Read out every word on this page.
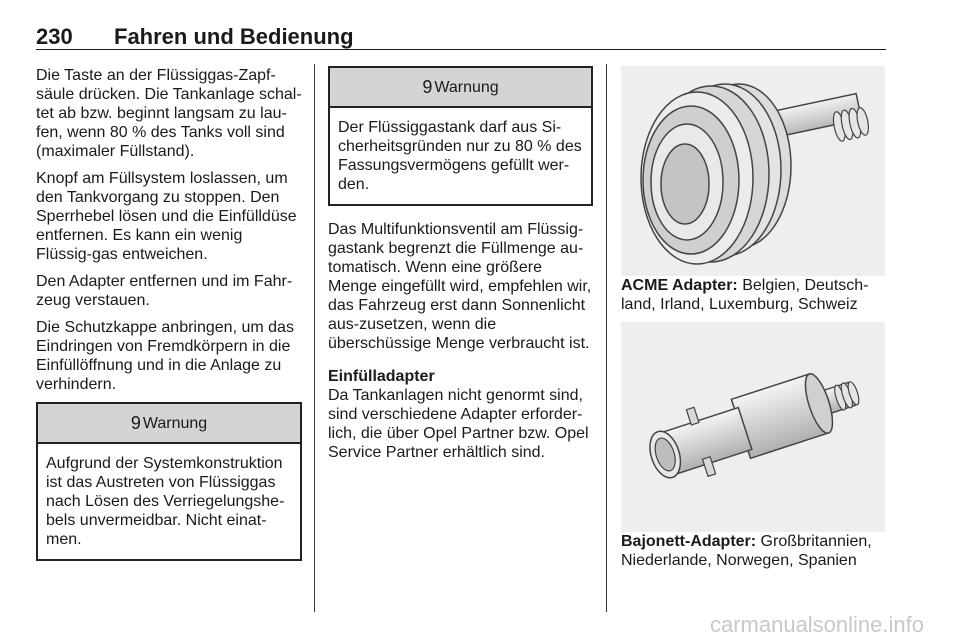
230 Fahren und Bedienung

Die Taste an der Flüssiggas-Zapf-säule drücken. Die Tankanlage schal-tet ab bzw. beginnt langsam zu lau-fen, wenn 80 % des Tanks voll sind (maximaler Füllstand).

Knopf am Füllsystem loslassen, um den Tankvorgang zu stoppen. Den Sperrhebel lösen und die Einfülldüse entfernen. Es kann ein wenig Flüssig-gas entweichen.

Den Adapter entfernen und im Fahr-zeug verstauen.

Die Schutzkappe anbringen, um das Eindringen von Fremdkörpern in die Einfüllöffnung und in die Anlage zu verhindern.

9 Warnung
Aufgrund der Systemkonstruktion ist das Austreten von Flüssiggas nach Lösen des Verriegelungshe-bels unvermeidbar. Nicht einat-men.
9 Warnung
Der Flüssiggastank darf aus Si-cherheitsgründen nur zu 80 % des Fassungsvermögens gefüllt wer-den.

Das Multifunktionsventil am Flüssig-gastank begrenzt die Füllmenge au-tomatisch. Wenn eine größere Menge eingefüllt wird, empfehlen wir, das Fahrzeug erst dann Sonnenlicht aus-zusetzen, wenn die überschüssige Menge verbraucht ist.

Einfülladapter

Da Tankanlagen nicht genormt sind, sind verschiedene Adapter erforder-lich, die über Opel Partner bzw. Opel Service Partner erhältlich sind.

ACME Adapter: Belgien, Deutsch-land, Irland, Luxemburg, Schweiz

Bajonett-Adapter: Großbritannien, Niederlande, Norwegen, Spanien

carmanualsonline.info
